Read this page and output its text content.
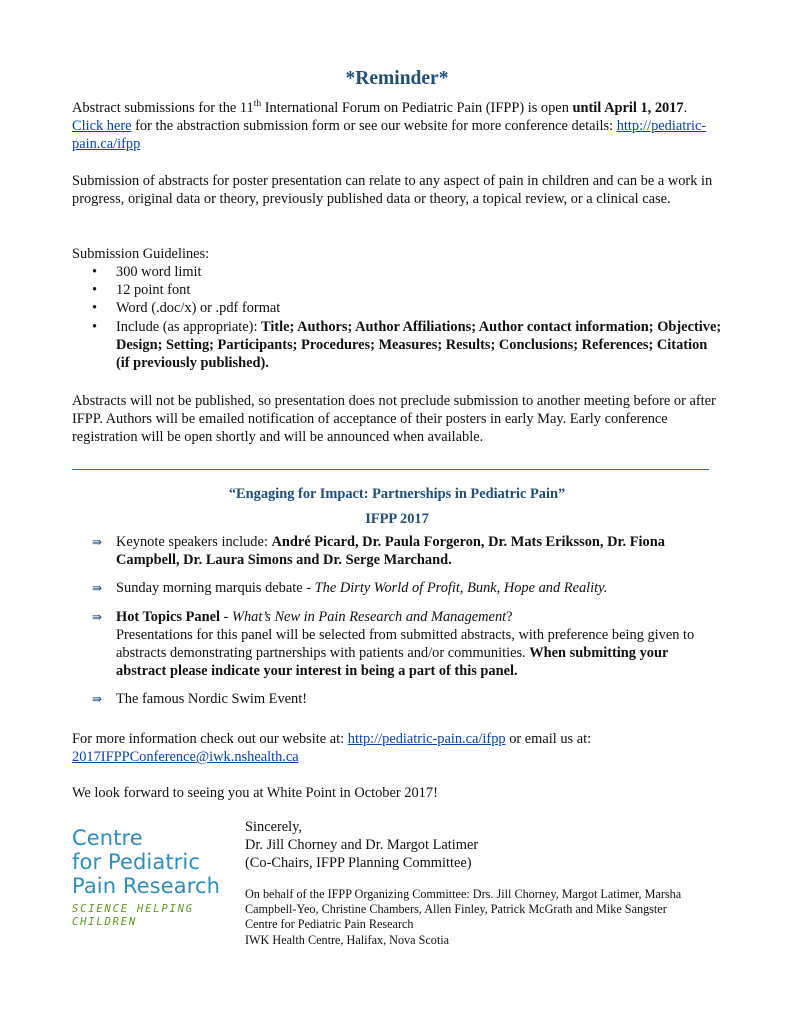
*Reminder*

Abstract submissions for the 11th International Forum on Pediatric Pain (IFPP) is open until April 1, 2017. Click here for the abstraction submission form or see our website for more conference details: http://pediatric-pain.ca/ifpp

Submission of abstracts for poster presentation can relate to any aspect of pain in children and can be a work in progress, original data or theory, previously published data or theory, a topical review, or a clinical case.

Submission Guidelines:

• 300 word limit
• 12 point font
• Word (.doc/x) or .pdf format
• Include (as appropriate): Title; Authors; Author Affiliations; Author contact information; Objective; Design; Setting; Participants; Procedures; Measures; Results; Conclusions; References; Citation (if previously published).

Abstracts will not be published, so presentation does not preclude submission to another meeting before or after IFPP. Authors will be emailed notification of acceptance of their posters in early May. Early conference registration will be open shortly and will be announced when available.

“Engaging for Impact: Partnerships in Pediatric Pain”
IFPP 2017
⇛ Keynote speakers include: André Picard, Dr. Paula Forgeron, Dr. Mats Eriksson, Dr. Fiona Campbell, Dr. Laura Simons and Dr. Serge Marchand.
⇛ Sunday morning marquis debate - The Dirty World of Profit, Bunk, Hope and Reality.
⇛ Hot Topics Panel - What’s New in Pain Research and Management?
Presentations for this panel will be selected from submitted abstracts, with preference being given to abstracts demonstrating partnerships with patients and/or communities. When submitting your abstract please indicate your interest in being a part of this panel.
⇛ The famous Nordic Swim Event!

For more information check out our website at: http://pediatric-pain.ca/ifpp or email us at: 2017IFPPConference@iwk.nshealth.ca

We look forward to seeing you at White Point in October 2017!

Centre
for Pediatric
Pain Research
SCIENCE HELPING
CHILDREN
Sincerely,
Dr. Jill Chorney and Dr. Margot Latimer
(Co-Chairs, IFPP Planning Committee)
On behalf of the IFPP Organizing Committee: Drs. Jill Chorney, Margot Latimer, Marsha Campbell-Yeo, Christine Chambers, Allen Finley, Patrick McGrath and Mike Sangster
Centre for Pediatric Pain Research
IWK Health Centre, Halifax, Nova Scotia
